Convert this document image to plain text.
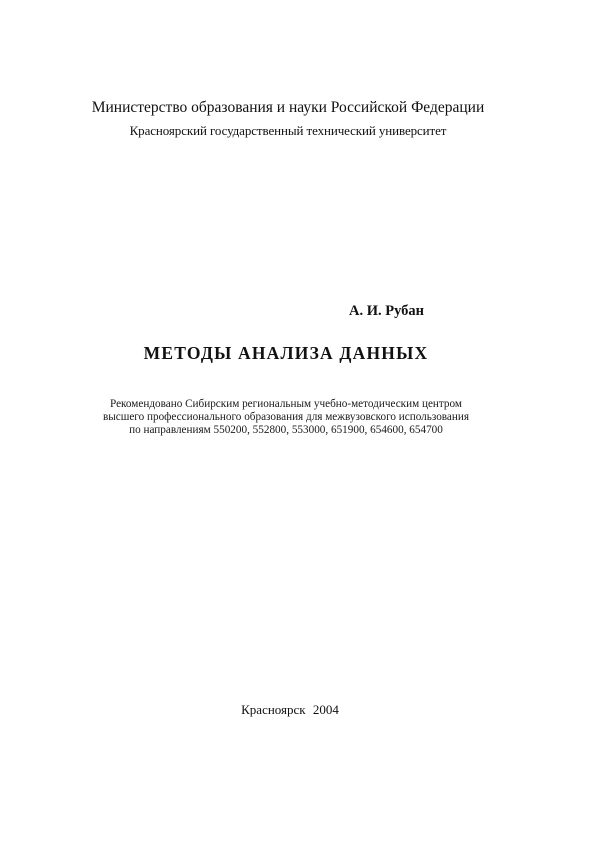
Министерство образования и науки Российской Федерации
Красноярский государственный технический университет
А. И. Рубан
МЕТОДЫ АНАЛИЗА ДАННЫХ
Рекомендовано Сибирским региональным учебно-методическим центром
высшего профессионального образования для межвузовского использования
по направлениям 550200, 552800, 553000, 651900, 654600, 654700
Красноярск 2004
